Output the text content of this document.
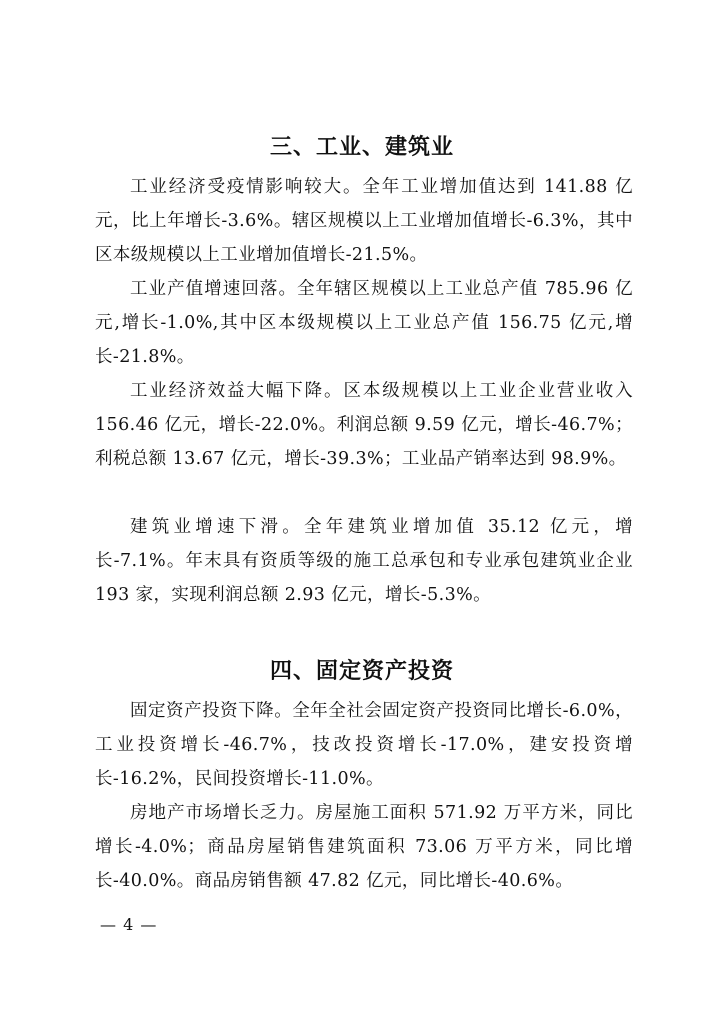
三、工业、建筑业

工业经济受疫情影响较大。全年工业增加值达到 141.88 亿元，比上年增长-3.6%。辖区规模以上工业增加值增长-6.3%，其中区本级规模以上工业增加值增长-21.5%。

工业产值增速回落。全年辖区规模以上工业总产值 785.96 亿元,增长-1.0%,其中区本级规模以上工业总产值 156.75 亿元,增长-21.8%。

工业经济效益大幅下降。区本级规模以上工业企业营业收入 156.46 亿元，增长-22.0%。利润总额 9.59 亿元，增长-46.7%；利税总额 13.67 亿元，增长-39.3%；工业品产销率达到 98.9%。

建筑业增速下滑。全年建筑业增加值 35.12 亿元，增长-7.1%。年末具有资质等级的施工总承包和专业承包建筑业企业 193 家，实现利润总额 2.93 亿元，增长-5.3%。

四、固定资产投资

固定资产投资下降。全年全社会固定资产投资同比增长-6.0%，工业投资增长-46.7%，技改投资增长-17.0%，建安投资增长-16.2%，民间投资增长-11.0%。

房地产市场增长乏力。房屋施工面积 571.92 万平方米，同比增长-4.0%；商品房屋销售建筑面积 73.06 万平方米，同比增长-40.0%。商品房销售额 47.82 亿元，同比增长-40.6%。

— 4 —
